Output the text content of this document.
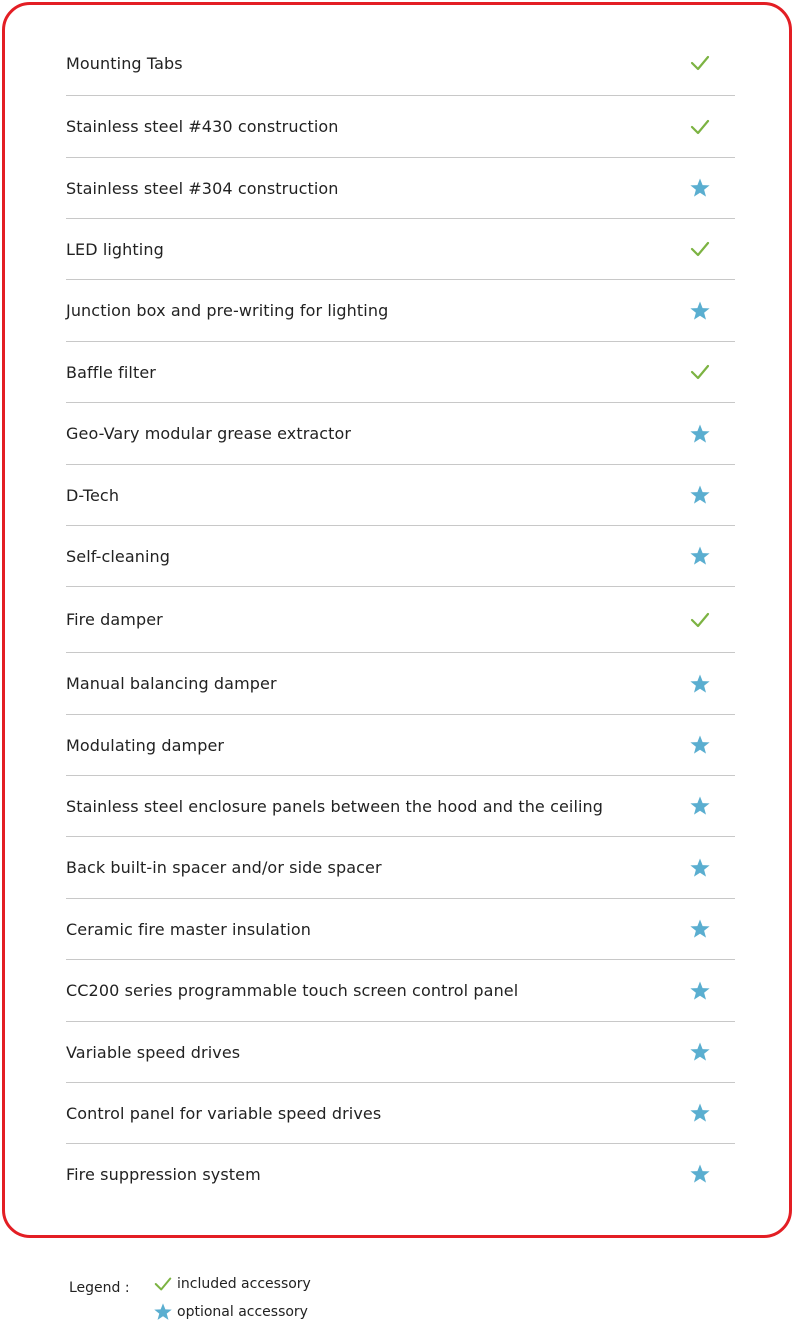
Mounting Tabs
Stainless steel #430 construction
Stainless steel #304 construction
LED lighting
Junction box and pre-writing for lighting
Baffle filter
Geo-Vary modular grease extractor
D-Tech
Self-cleaning
Fire damper
Manual balancing damper
Modulating damper
Stainless steel enclosure panels between the hood and the ceiling
Back built-in spacer and/or side spacer
Ceramic fire master insulation
CC200 series programmable touch screen control panel
Variable speed drives
Control panel for variable speed drives
Fire suppression system
Legend :	included accessory
optional accessory
